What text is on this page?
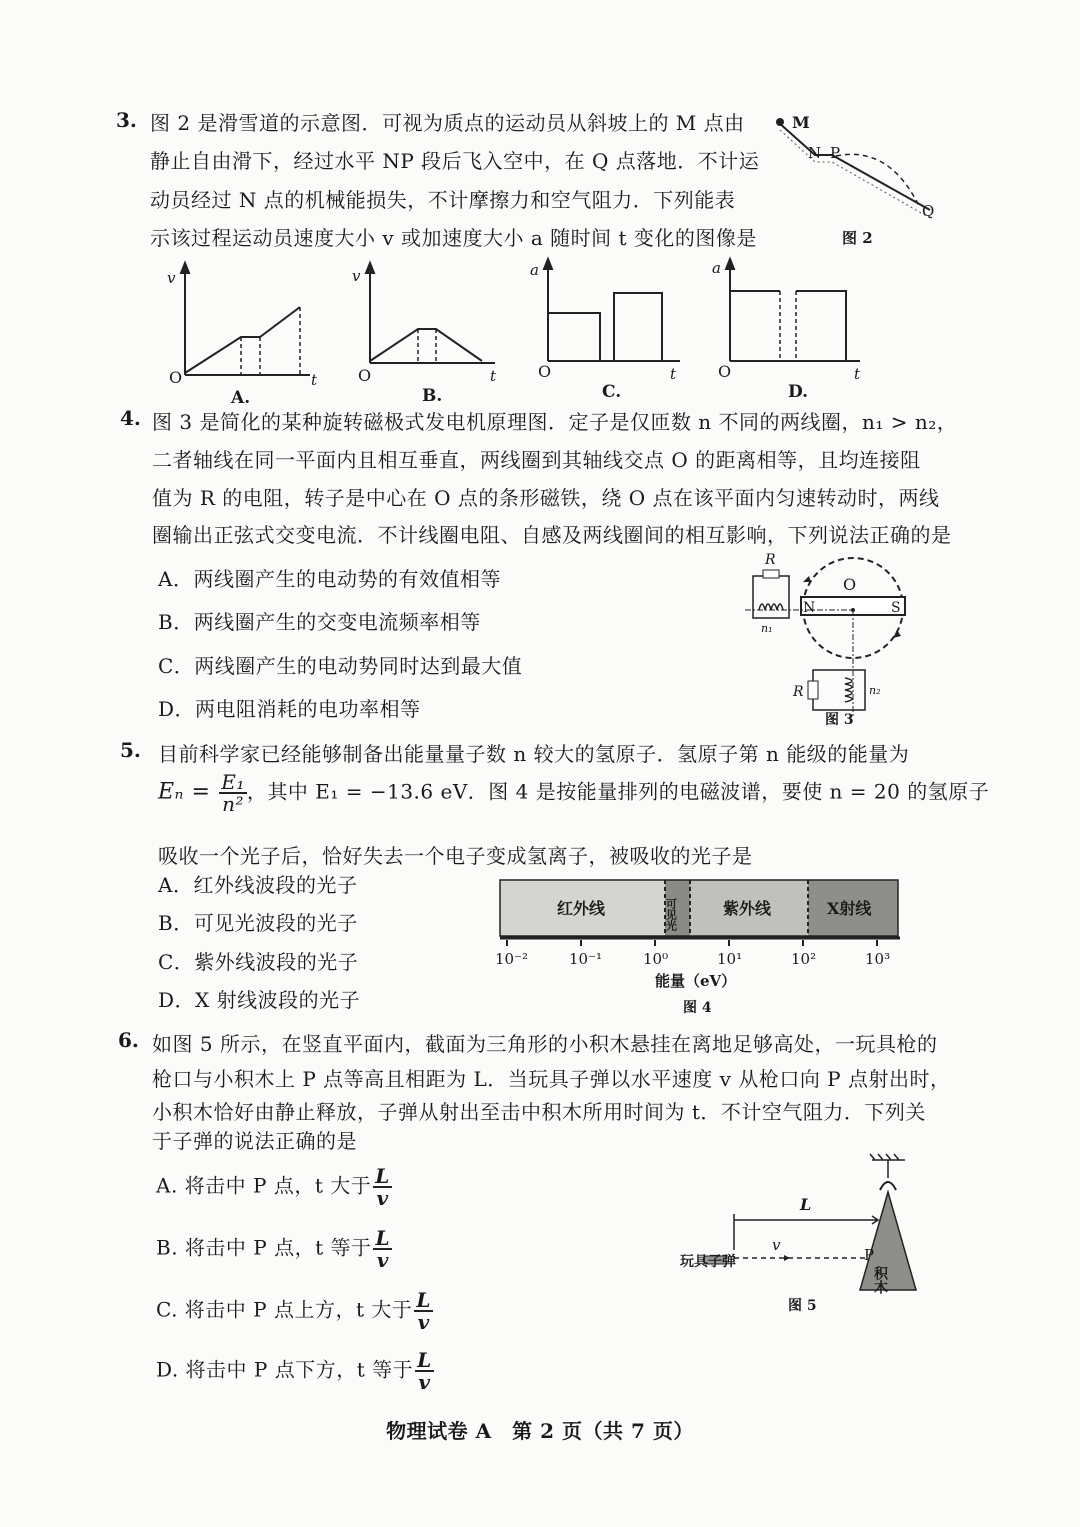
3. 图 2 是滑雪道的示意图．可视为质点的运动员从斜坡上的 M 点由
静止自由滑下，经过水平 NP 段后飞入空中，在 Q 点落地．不计运
动员经过 N 点的机械能损失，不计摩擦力和空气阻力．下列能表
示该过程运动员速度大小 v 或加速度大小 a 随时间 t 变化的图像是
M
N P
Q
图 2
v
O	t
A.
v
O	t
B.
a
O	t
C.
a
O	t
D.
4. 图 3 是简化的某种旋转磁极式发电机原理图．定子是仅匝数 n 不同的两线圈，n₁ > n₂，
二者轴线在同一平面内且相互垂直，两线圈到其轴线交点 O 的距离相等，且均连接阻
值为 R 的电阻，转子是中心在 O 点的条形磁铁，绕 O 点在该平面内匀速转动时，两线
圈输出正弦式交变电流．不计线圈电阻、自感及两线圈间的相互影响，下列说法正确的是
A．两线圈产生的电动势的有效值相等
B．两线圈产生的交变电流频率相等
C．两线圈产生的电动势同时达到最大值
D．两电阻消耗的电功率相等
R
R
n₁
n₂
O
N	S
图 3
5. 目前科学家已经能够制备出能量量子数 n 较大的氢原子．氢原子第 n 能级的能量为
$E_n = \frac{\text{E₁}}{\text{n²}}$ ，其中 E₁ = −13.6 eV．图 4 是按能量排列的电磁波谱，要使 n = 20 的氢原子
吸收一个光子后，恰好失去一个电子变成氢离子，被吸收的光子是
A．红外线波段的光子
B．可见光波段的光子
C．紫外线波段的光子
D．X 射线波段的光子
红外线	可见光	紫外线	X射线
10⁻²	10⁻¹	10⁰	10¹	10²	10³
能量（eV）
图 4
6. 如图 5 所示，在竖直平面内，截面为三角形的小积木悬挂在离地足够高处，一玩具枪的
枪口与小积木上 P 点等高且相距为 L．当玩具子弹以水平速度 v 从枪口向 P 点射出时，
小积木恰好由静止释放，子弹从射出至击中积木所用时间为 t．不计空气阻力．下列关
于子弹的说法正确的是
A. 将击中 P 点，t 大于 $\frac{L}{v}$
B. 将击中 P 点，t 等于 $\frac{L}{v}$
C. 将击中 P 点上方，t 大于 $\frac{L}{v}$
D. 将击中 P 点下方，t 等于 $\frac{L}{v}$
玩具子弹
L
v
P
积木
图 5
物理试卷 A　第 2 页（共 7 页）
